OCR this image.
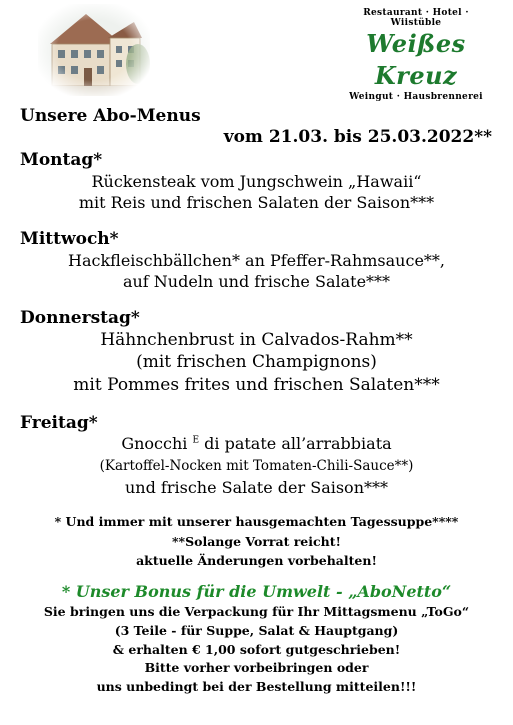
Restaurant · Hotel · Wiistüble
Weißes Kreuz
Weingut · Hausbrennerei
Unsere Abo-Menus
vom 21.03. bis 25.03.2022**
Montag*
Rückensteak vom Jungschwein „Hawaii“
mit Reis und frischen Salaten der Saison***
Mittwoch*
Hackfleischbällchen* an Pfeffer-Rahmsauce**,
auf Nudeln und frische Salate***
Donnerstag*
Hähnchenbrust in Calvados-Rahm**
(mit frischen Champignons)
mit Pommes frites und frischen Salaten***
Freitag*
Gnocchi $^E$ di patate all’arrabbiata
(Kartoffel-Nocken mit Tomaten-Chili-Sauce**)
und frische Salate der Saison***
* Und immer mit unserer hausgemachten Tagessuppe****
**Solange Vorrat reicht!
aktuelle Änderungen vorbehalten!
* Unser Bonus für die Umwelt - „AboNetto“
Sie bringen uns die Verpackung für Ihr Mittagsmenu „ToGo“
(3 Teile - für Suppe, Salat & Hauptgang)
& erhalten € 1,00 sofort gutgeschrieben!
Bitte vorher vorbeibringen oder
uns unbedingt bei der Bestellung mitteilen!!!
